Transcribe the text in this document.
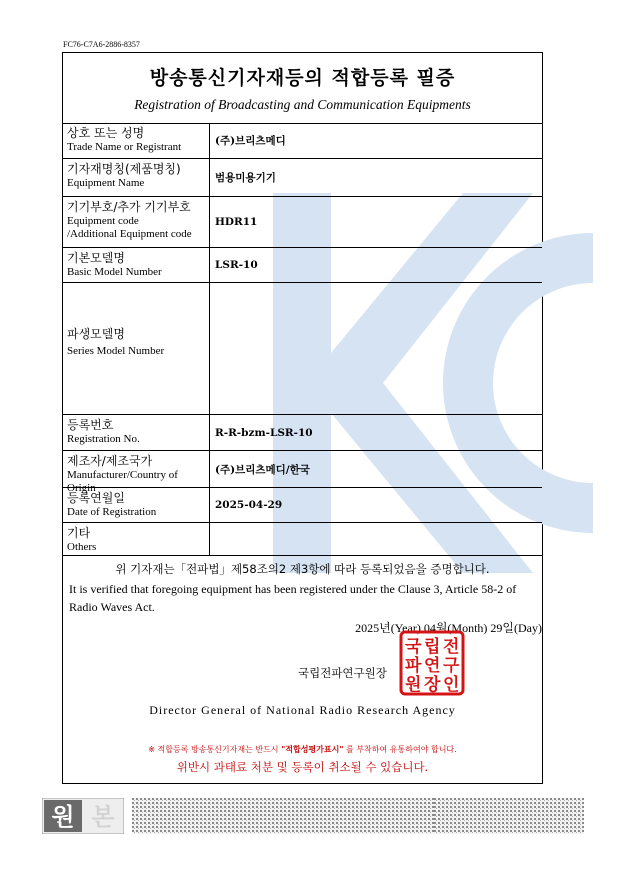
FC76-C7A6-2886-8357
방송통신기자재등의 적합등록 필증
Registration of Broadcasting and Communication Equipments
상호 또는 성명
Trade Name or Registrant	(주)브리츠메디
기자재명칭(제품명칭)
Equipment Name	범용미용기기
기기부호/추가 기기부호
Equipment code
/Additional Equipment code
HDR11
기본모델명
Basic Model Number
LSR-10
파생모델명
Series Model Number
등록번호
Registration No.
R-R-bzm-LSR-10
제조자/제조국가
Manufacturer/Country of Origin
(주)브리츠메디/한국
등록연월일
Date of Registration
2025-04-29
기타
Others
위 기자재는「전파법」제58조의2 제3항에 따라 등록되었음을 증명합니다.
It is verified that foregoing equipment has been registered under the Clause 3, Article 58-2 of Radio Waves Act.
2025년(Year) 04월(Month) 29일(Day)
국립전파연구원장
국 립 전
파 연 구
원 장 인
Director General of National Radio Research Agency
※ 적합등록 방송통신기자재는 반드시 "적합성평가표시" 를 부착하여 유통하여야 합니다.
위반시 과태료 처분 및 등록이 취소될 수 있습니다.
원 본
